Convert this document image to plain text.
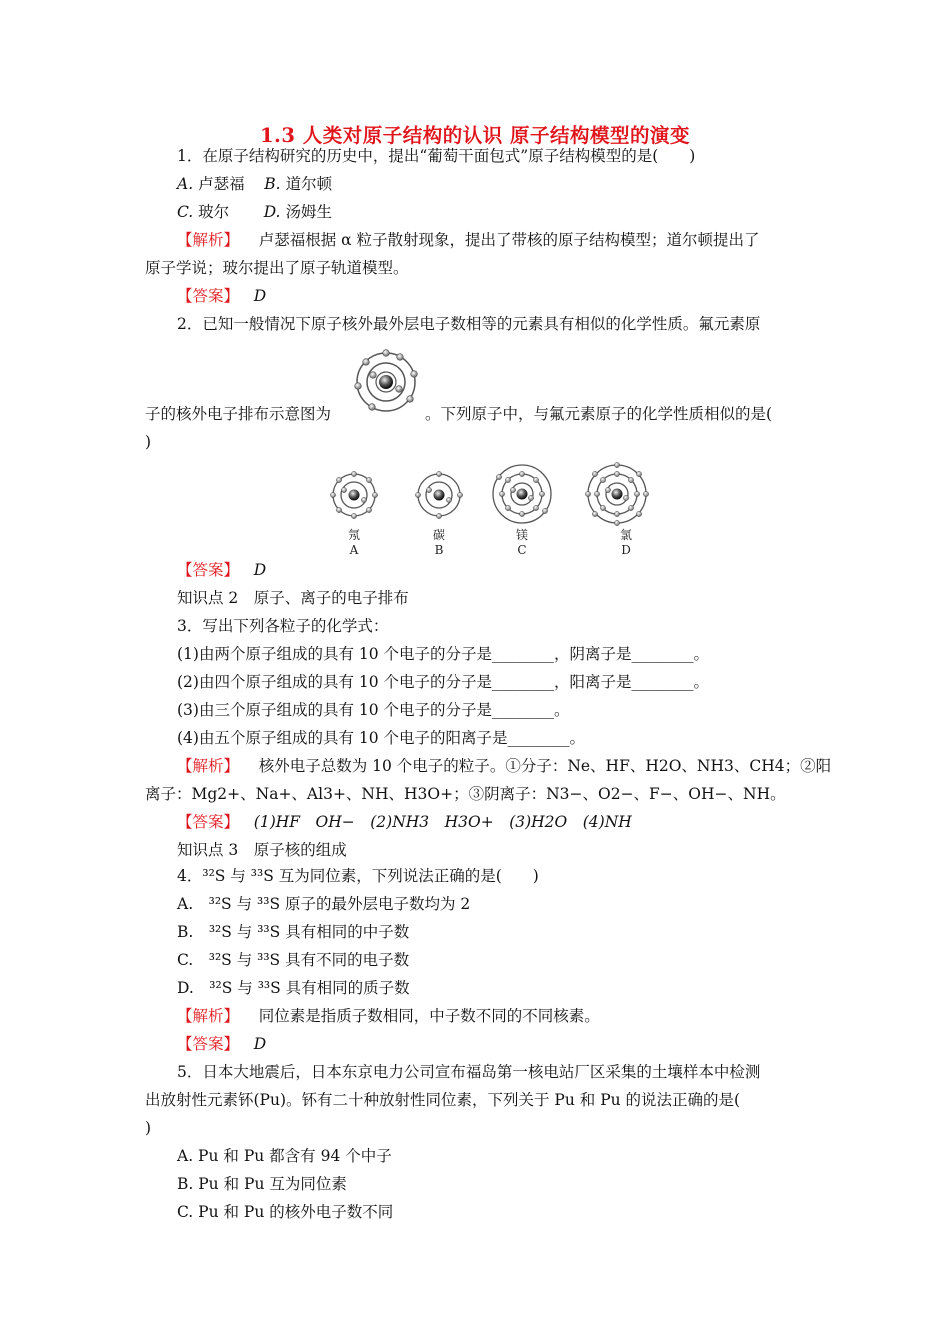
1.3 人类对原子结构的认识 原子结构模型的演变
1．在原子结构研究的历史中，提出“葡萄干面包式”原子结构模型的是(　　)
A. 卢瑟福 B. 道尔顿
C. 玻尔 D. 汤姆生
【解析】 卢瑟福根据 α 粒子散射现象，提出了带核的原子结构模型；道尔顿提出了
原子学说；玻尔提出了原子轨道模型。
【答案】 D
2．已知一般情况下原子核外最外层电子数相等的元素具有相似的化学性质。氟元素原
子的核外电子排布示意图为	。下列原子中，与氟元素原子的化学性质相似的是(
)
氖
A
碳
B
镁
C
氯
D
【答案】 D
知识点 2　原子、离子的电子排布
3．写出下列各粒子的化学式：
(1)由两个原子组成的具有 10 个电子的分子是________，阴离子是________。
(2)由四个原子组成的具有 10 个电子的分子是________，阳离子是________。
(3)由三个原子组成的具有 10 个电子的分子是________。
(4)由五个原子组成的具有 10 个电子的阳离子是________。
【解析】 核外电子总数为 10 个电子的粒子。①分子：Ne、HF、H2O、NH3、CH4；②阳
离子：Mg2+、Na+、Al3+、NH、H3O+；③阴离子：N3−、O2−、F−、OH−、NH。
【答案】 (1)HF　OH−　(2)NH3　H3O+　(3)H2O　(4)NH
知识点 3　原子核的组成
4．³²S 与 ³³S 互为同位素，下列说法正确的是(　　)
A.　³²S 与 ³³S 原子的最外层电子数均为 2
B.　³²S 与 ³³S 具有相同的中子数
C.　³²S 与 ³³S 具有不同的电子数
D.　³²S 与 ³³S 具有相同的质子数
【解析】 同位素是指质子数相同，中子数不同的不同核素。
【答案】 D
5．日本大地震后，日本东京电力公司宣布福岛第一核电站厂区采集的土壤样本中检测
出放射性元素钚(Pu)。钚有二十种放射性同位素，下列关于 Pu 和 Pu 的说法正确的是(
)
A. Pu 和 Pu 都含有 94 个中子
B. Pu 和 Pu 互为同位素
C. Pu 和 Pu 的核外电子数不同
